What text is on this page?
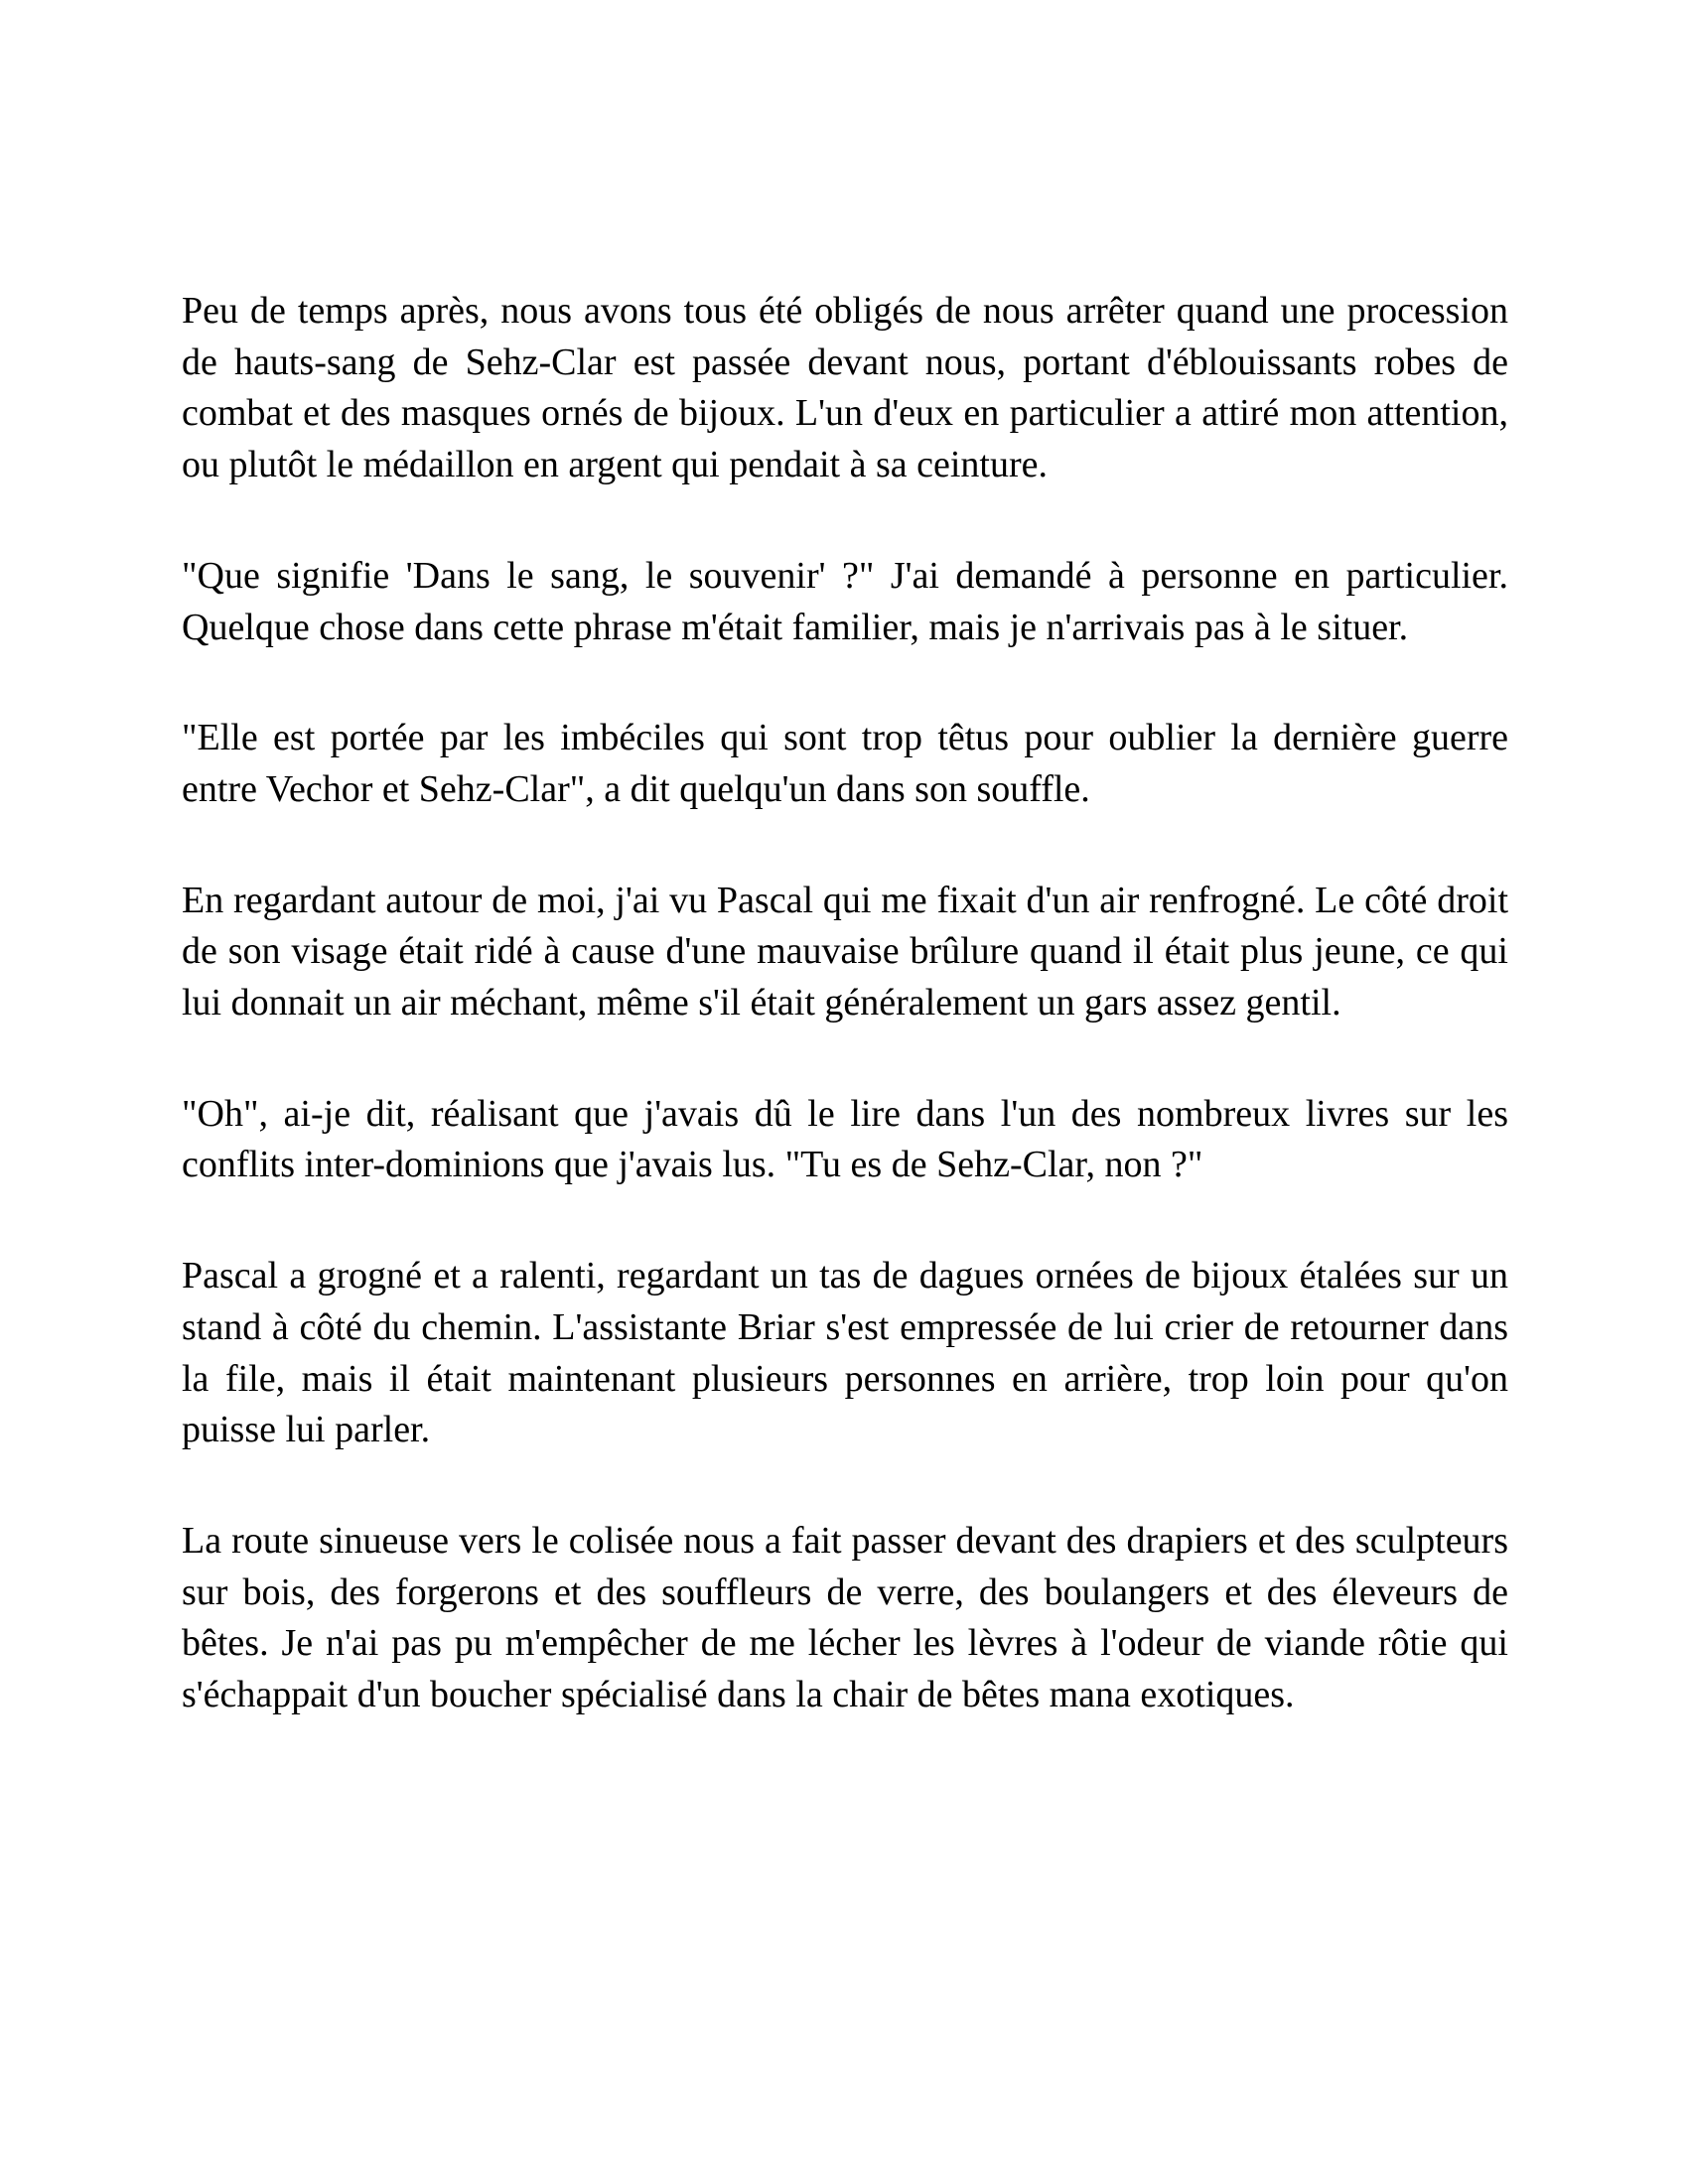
Peu de temps après, nous avons tous été obligés de nous arrêter quand une procession de hauts-sang de Sehz-Clar est passée devant nous, portant d'éblouissants robes de combat et des masques ornés de bijoux. L'un d'eux en particulier a attiré mon attention, ou plutôt le médaillon en argent qui pendait à sa ceinture.

"Que signifie 'Dans le sang, le souvenir' ?" J'ai demandé à personne en particulier. Quelque chose dans cette phrase m'était familier, mais je n'arrivais pas à le situer.

"Elle est portée par les imbéciles qui sont trop têtus pour oublier la dernière guerre entre Vechor et Sehz-Clar", a dit quelqu'un dans son souffle.

En regardant autour de moi, j'ai vu Pascal qui me fixait d'un air renfrogné. Le côté droit de son visage était ridé à cause d'une mauvaise brûlure quand il était plus jeune, ce qui lui donnait un air méchant, même s'il était généralement un gars assez gentil.

"Oh", ai-je dit, réalisant que j'avais dû le lire dans l'un des nombreux livres sur les conflits inter-dominions que j'avais lus. "Tu es de Sehz-Clar, non ?"

Pascal a grogné et a ralenti, regardant un tas de dagues ornées de bijoux étalées sur un stand à côté du chemin. L'assistante Briar s'est empressée de lui crier de retourner dans la file, mais il était maintenant plusieurs personnes en arrière, trop loin pour qu'on puisse lui parler.

La route sinueuse vers le colisée nous a fait passer devant des drapiers et des sculpteurs sur bois, des forgerons et des souffleurs de verre, des boulangers et des éleveurs de bêtes. Je n'ai pas pu m'empêcher de me lécher les lèvres à l'odeur de viande rôtie qui s'échappait d'un boucher spécialisé dans la chair de bêtes mana exotiques.
